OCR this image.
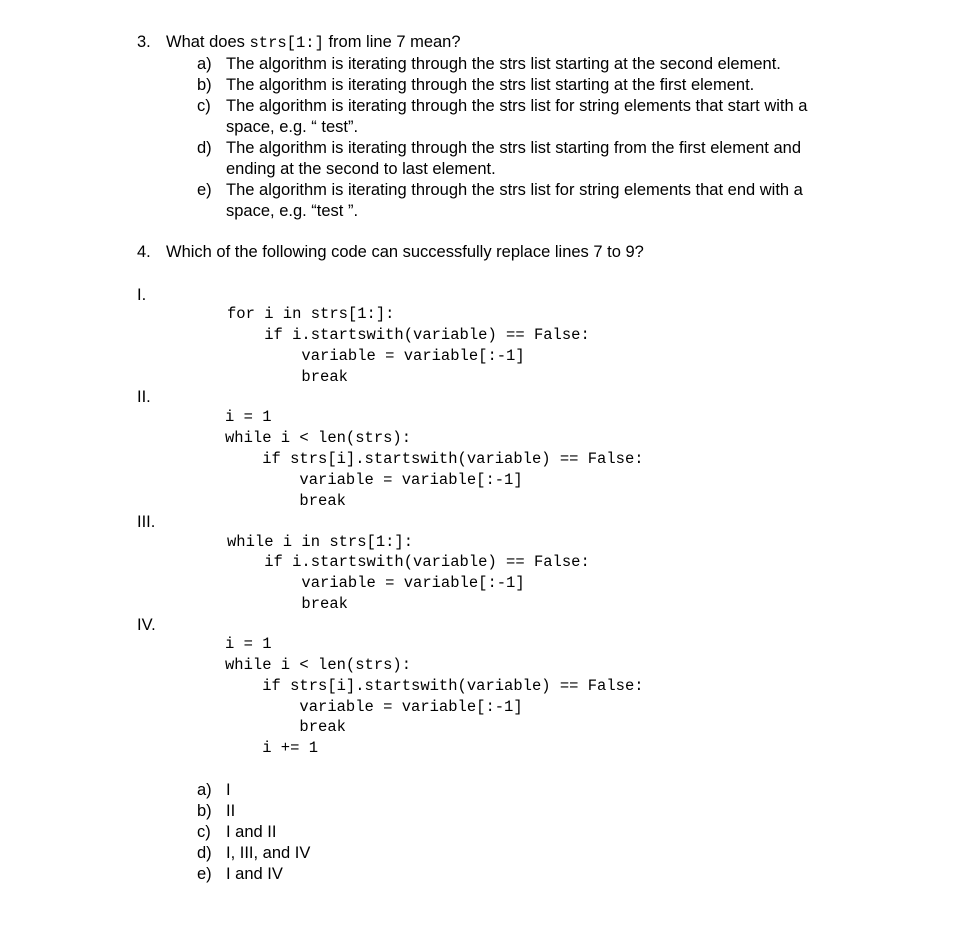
3. What does strs[1:] from line 7 mean?
a) The algorithm is iterating through the strs list starting at the second element.
b) The algorithm is iterating through the strs list starting at the first element.
c) The algorithm is iterating through the strs list for string elements that start with a
space, e.g. “ test”.
d) The algorithm is iterating through the strs list starting from the first element and
ending at the second to last element.
e) The algorithm is iterating through the strs list for string elements that end with a
space, e.g. “test ”.
4. Which of the following code can successfully replace lines 7 to 9?
I.
for i in strs[1:]:
if i.startswith(variable) == False:
variable = variable[:-1]
break
II.
i = 1
while i < len(strs):
if strs[i].startswith(variable) == False:
variable = variable[:-1]
break
III.
while i in strs[1:]:
if i.startswith(variable) == False:
variable = variable[:-1]
break
IV.
i = 1
while i < len(strs):
if strs[i].startswith(variable) == False:
variable = variable[:-1]
break
i += 1
a) I
b) II
c) I and II
d) I, III, and IV
e) I and IV
